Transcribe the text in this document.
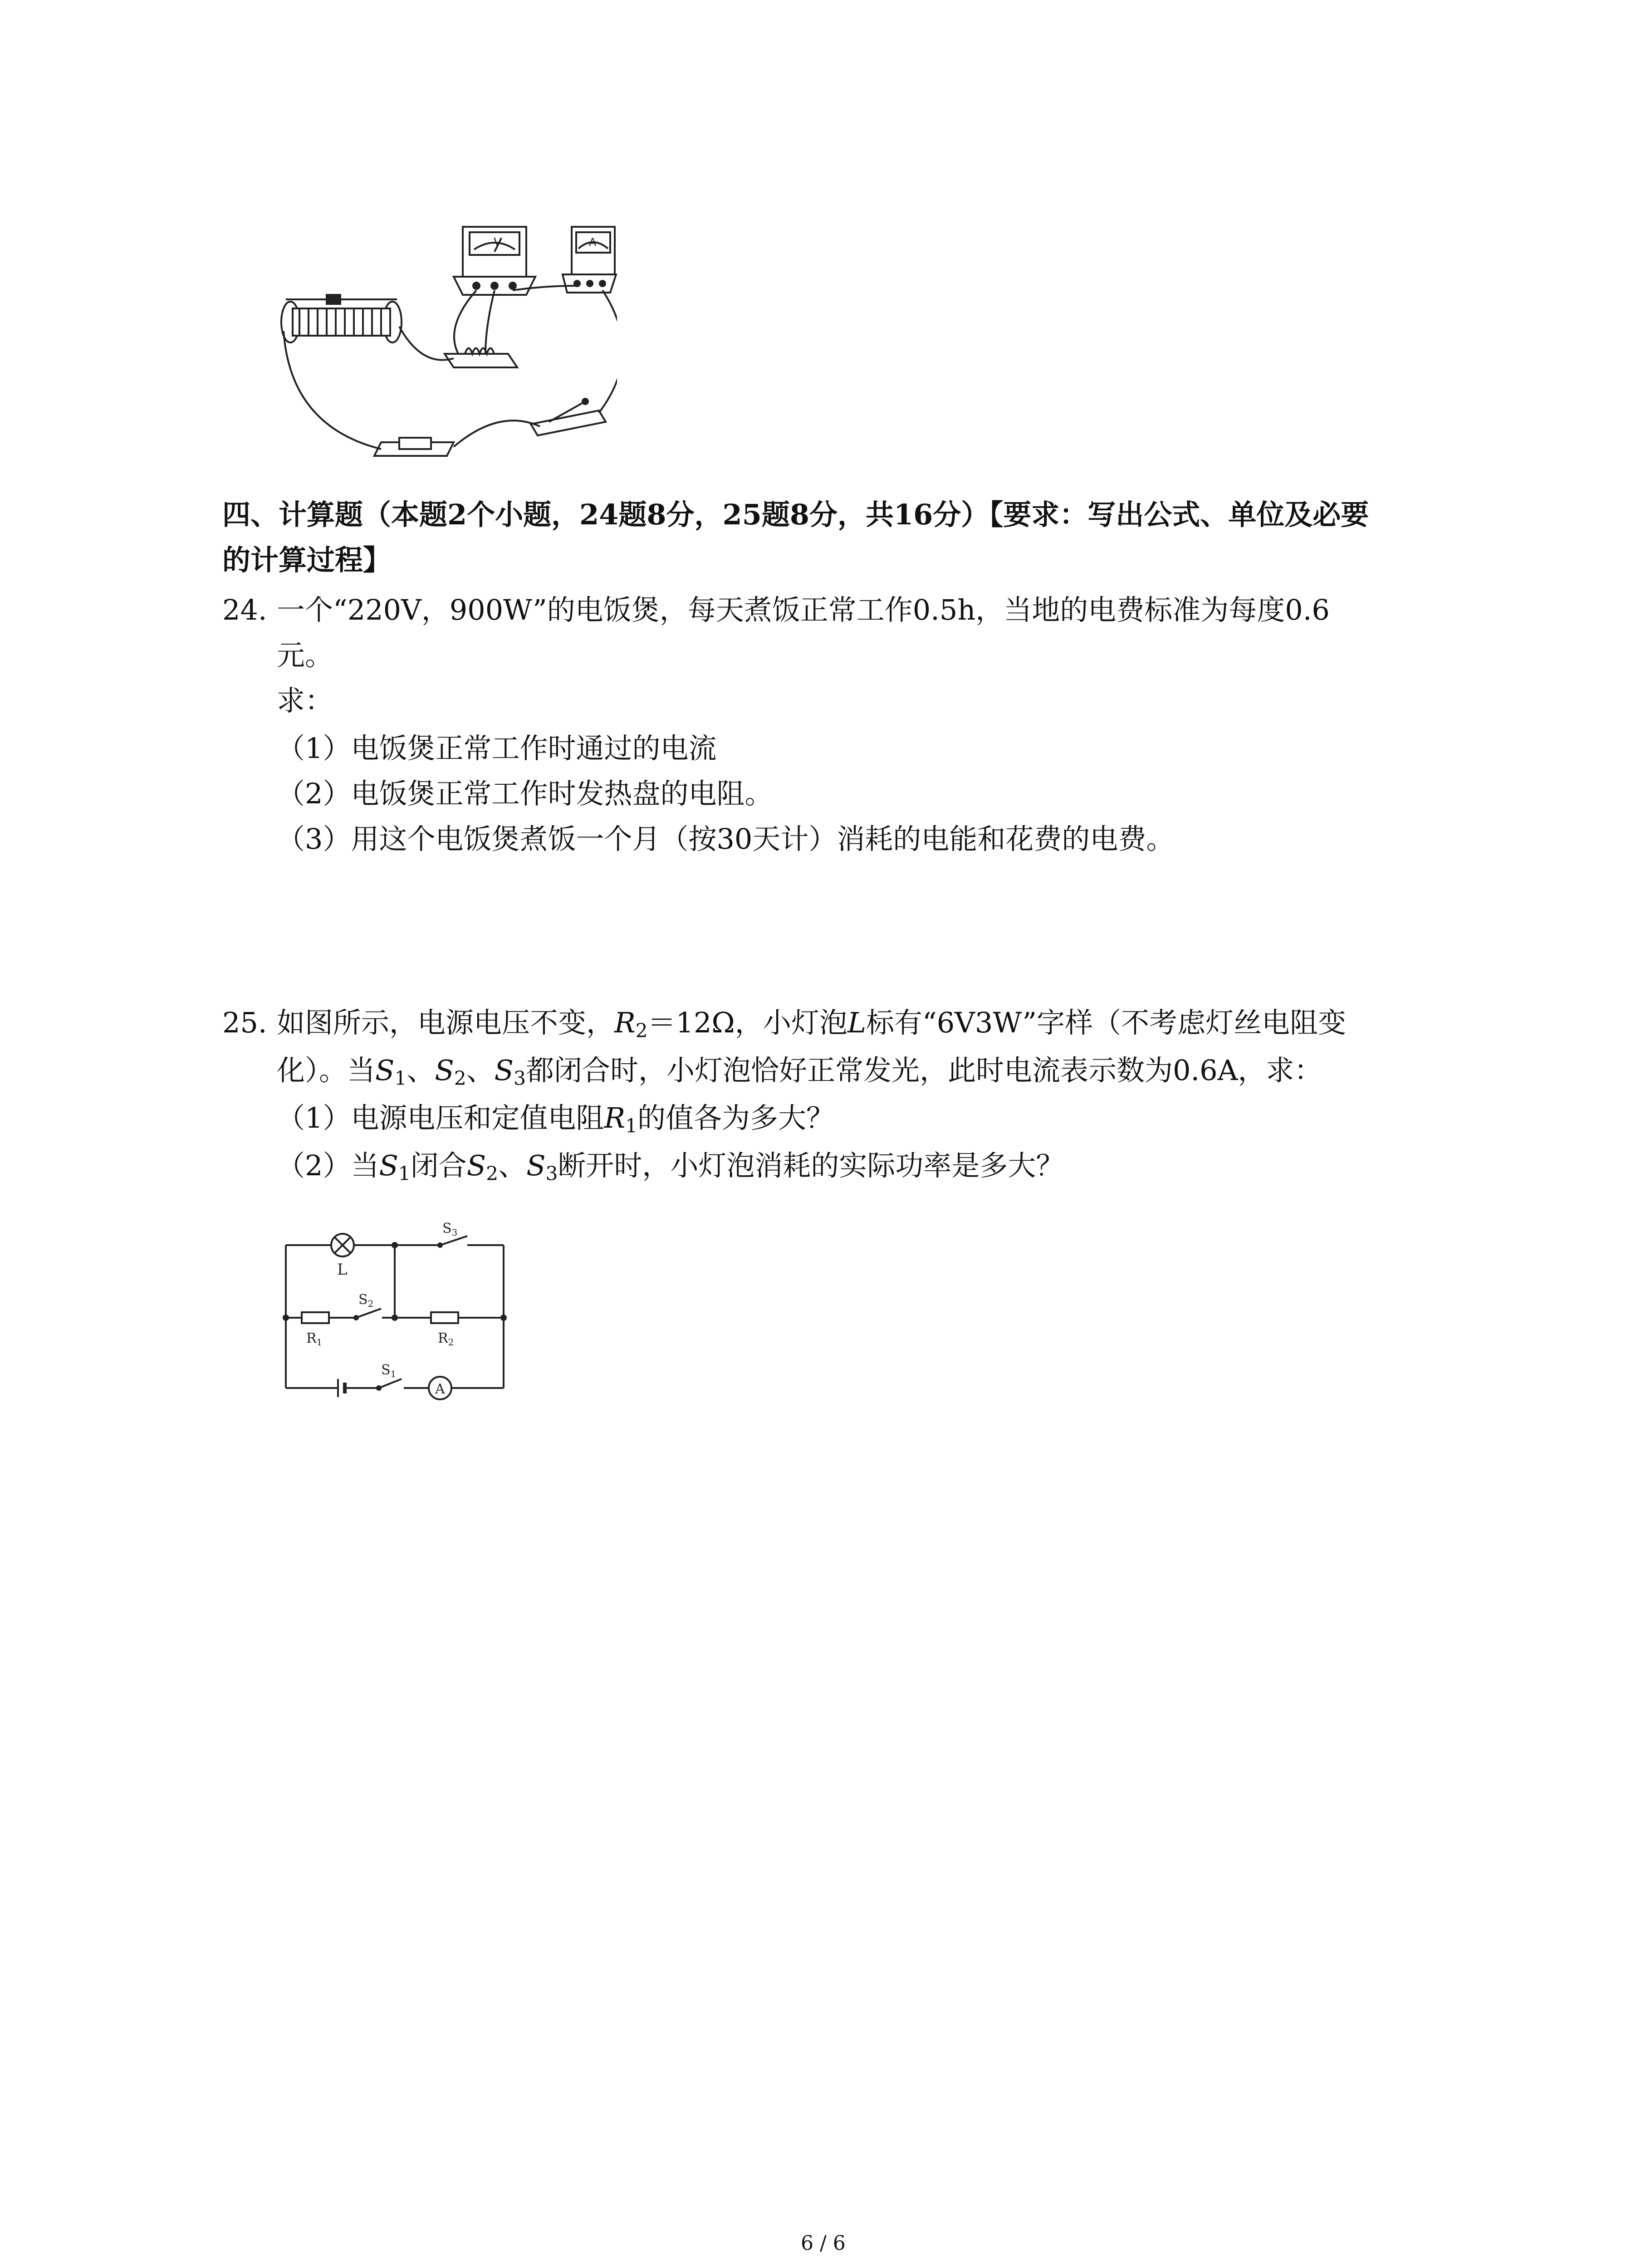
V	A
四、计算题（本题2个小题，24题8分，25题8分，共16分）【要求：写出公式、单位及必要
的计算过程】
24. 一个“220V，900W”的电饭煲，每天煮饭正常工作0.5h，当地的电费标准为每度0.6
元。
求：
（1）电饭煲正常工作时通过的电流
（2）电饭煲正常工作时发热盘的电阻。
（3）用这个电饭煲煮饭一个月（按30天计）消耗的电能和花费的电费。
25. 如图所示，电源电压不变，$R_2=12\Omega$，小灯泡L标有“6V3W”字样（不考虑灯丝电阻变
化）。当$S_1$、$S_2$、$S_3$都闭合时，小灯泡恰好正常发光，此时电流表示数为0.6A，求：
（1）电源电压和定值电阻$R_1$的值各为多大？
（2）当$S_1$闭合$S_2$、$S_3$断开时，小灯泡消耗的实际功率是多大？
L
$S_3$
$S_2$
$R_1$	$R_2$
$S_1$
A
6 / 6
